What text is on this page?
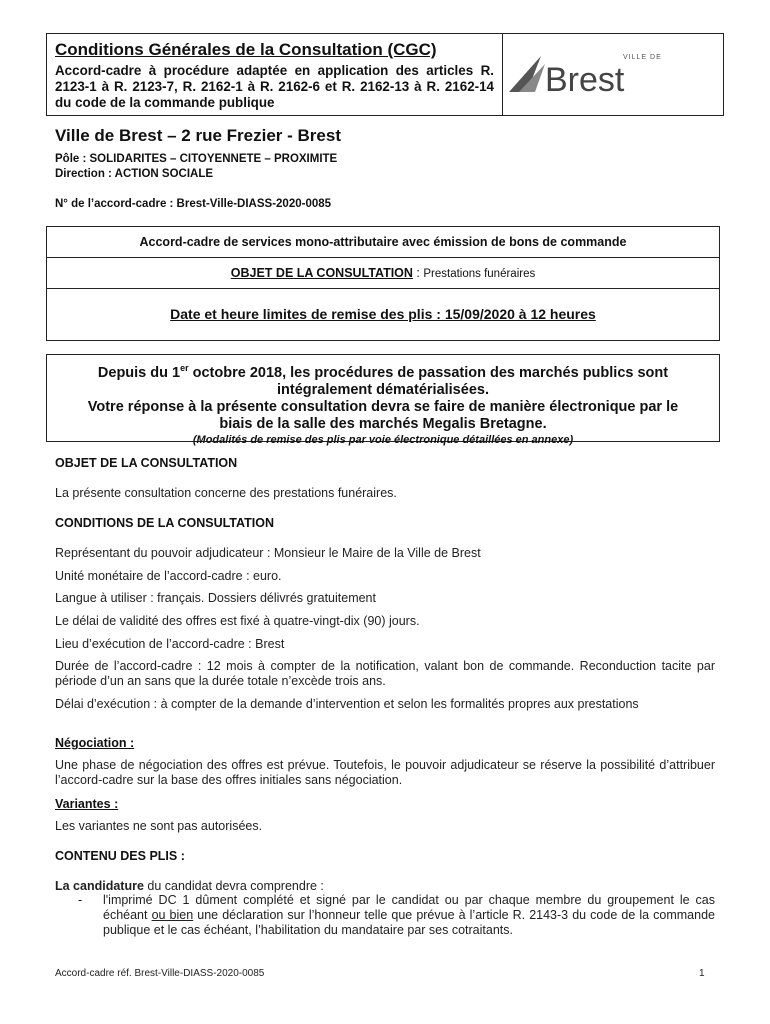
Conditions Générales de la Consultation (CGC)
Accord-cadre à procédure adaptée en application des articles R. 2123-1 à R. 2123-7, R. 2162-1 à R. 2162-6 et R. 2162-13 à R. 2162-14 du code de la commande publique
VILLE DE
Brest
Ville de Brest – 2 rue Frezier - Brest
Pôle : SOLIDARITES – CITOYENNETE – PROXIMITE
Direction : ACTION SOCIALE
N° de l’accord-cadre : Brest-Ville-DIASS-2020-0085
Accord-cadre de services mono-attributaire avec émission de bons de commande
OBJET DE LA CONSULTATION : Prestations funéraires
Date et heure limites de remise des plis : 15/09/2020 à 12 heures
Depuis du 1er octobre 2018, les procédures de passation des marchés publics sont
intégralement dématérialisées.
Votre réponse à la présente consultation devra se faire de manière électronique par le
biais de la salle des marchés Megalis Bretagne.
(Modalités de remise des plis par voie électronique détaillées en annexe)
OBJET DE LA CONSULTATION
La présente consultation concerne des prestations funéraires.
CONDITIONS DE LA CONSULTATION
Représentant du pouvoir adjudicateur : Monsieur le Maire de la Ville de Brest
Unité monétaire de l’accord-cadre : euro.
Langue à utiliser : français. Dossiers délivrés gratuitement
Le délai de validité des offres est fixé à quatre-vingt-dix (90) jours.
Lieu d’exécution de l’accord-cadre : Brest
Durée de l’accord-cadre : 12 mois à compter de la notification, valant bon de commande. Reconduction tacite par période d’un an sans que la durée totale n’excède trois ans.
Délai d’exécution : à compter de la demande d’intervention et selon les formalités propres aux prestations
Négociation :
Une phase de négociation des offres est prévue. Toutefois, le pouvoir adjudicateur se réserve la possibilité d’attribuer l’accord-cadre sur la base des offres initiales sans négociation.
Variantes :
Les variantes ne sont pas autorisées.
CONTENU DES PLIS :
La candidature du candidat devra comprendre :
- l'imprimé DC 1 dûment complété et signé par le candidat ou par chaque membre du groupement le cas échéant ou bien une déclaration sur l’honneur telle que prévue à l’article R. 2143-3 du code de la commande publique et le cas échéant, l’habilitation du mandataire par ses cotraitants.
Accord-cadre réf. Brest-Ville-DIASS-2020-0085	1
